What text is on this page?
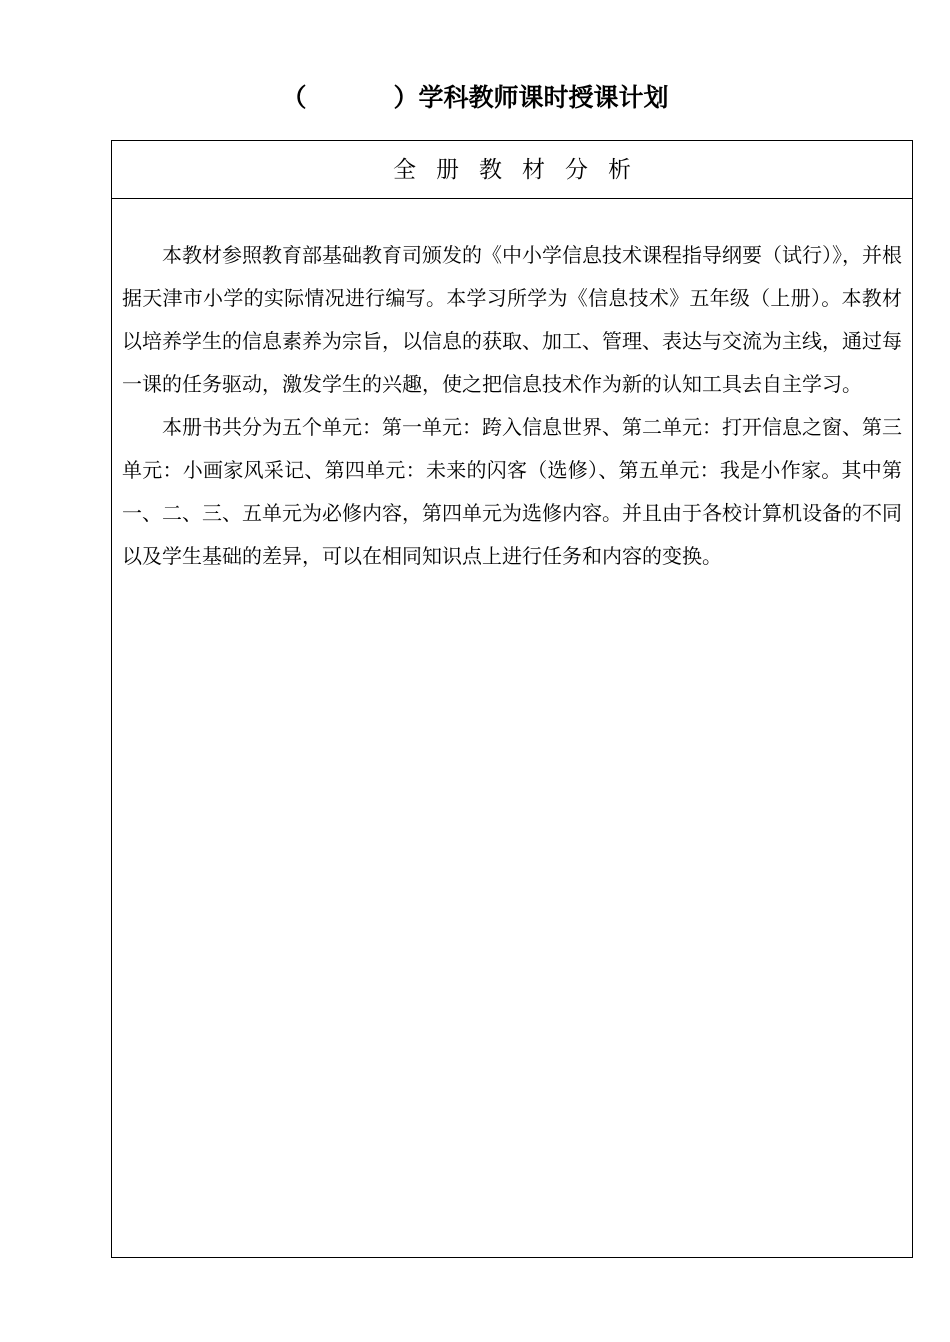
（          ）学科教师课时授课计划
全册教材分析

本教材参照教育部基础教育司颁发的《中小学信息技术课程指导纲要（试行）》，并根据天津市小学的实际情况进行编写。本学习所学为《信息技术》五年级（上册）。本教材以培养学生的信息素养为宗旨，以信息的获取、加工、管理、表达与交流为主线，通过每一课的任务驱动，激发学生的兴趣，使之把信息技术作为新的认知工具去自主学习。

本册书共分为五个单元：第一单元：跨入信息世界、第二单元：打开信息之窗、第三单元：小画家风采记、第四单元：未来的闪客（选修）、第五单元：我是小作家。其中第一、二、三、五单元为必修内容，第四单元为选修内容。并且由于各校计算机设备的不同以及学生基础的差异，可以在相同知识点上进行任务和内容的变换。
